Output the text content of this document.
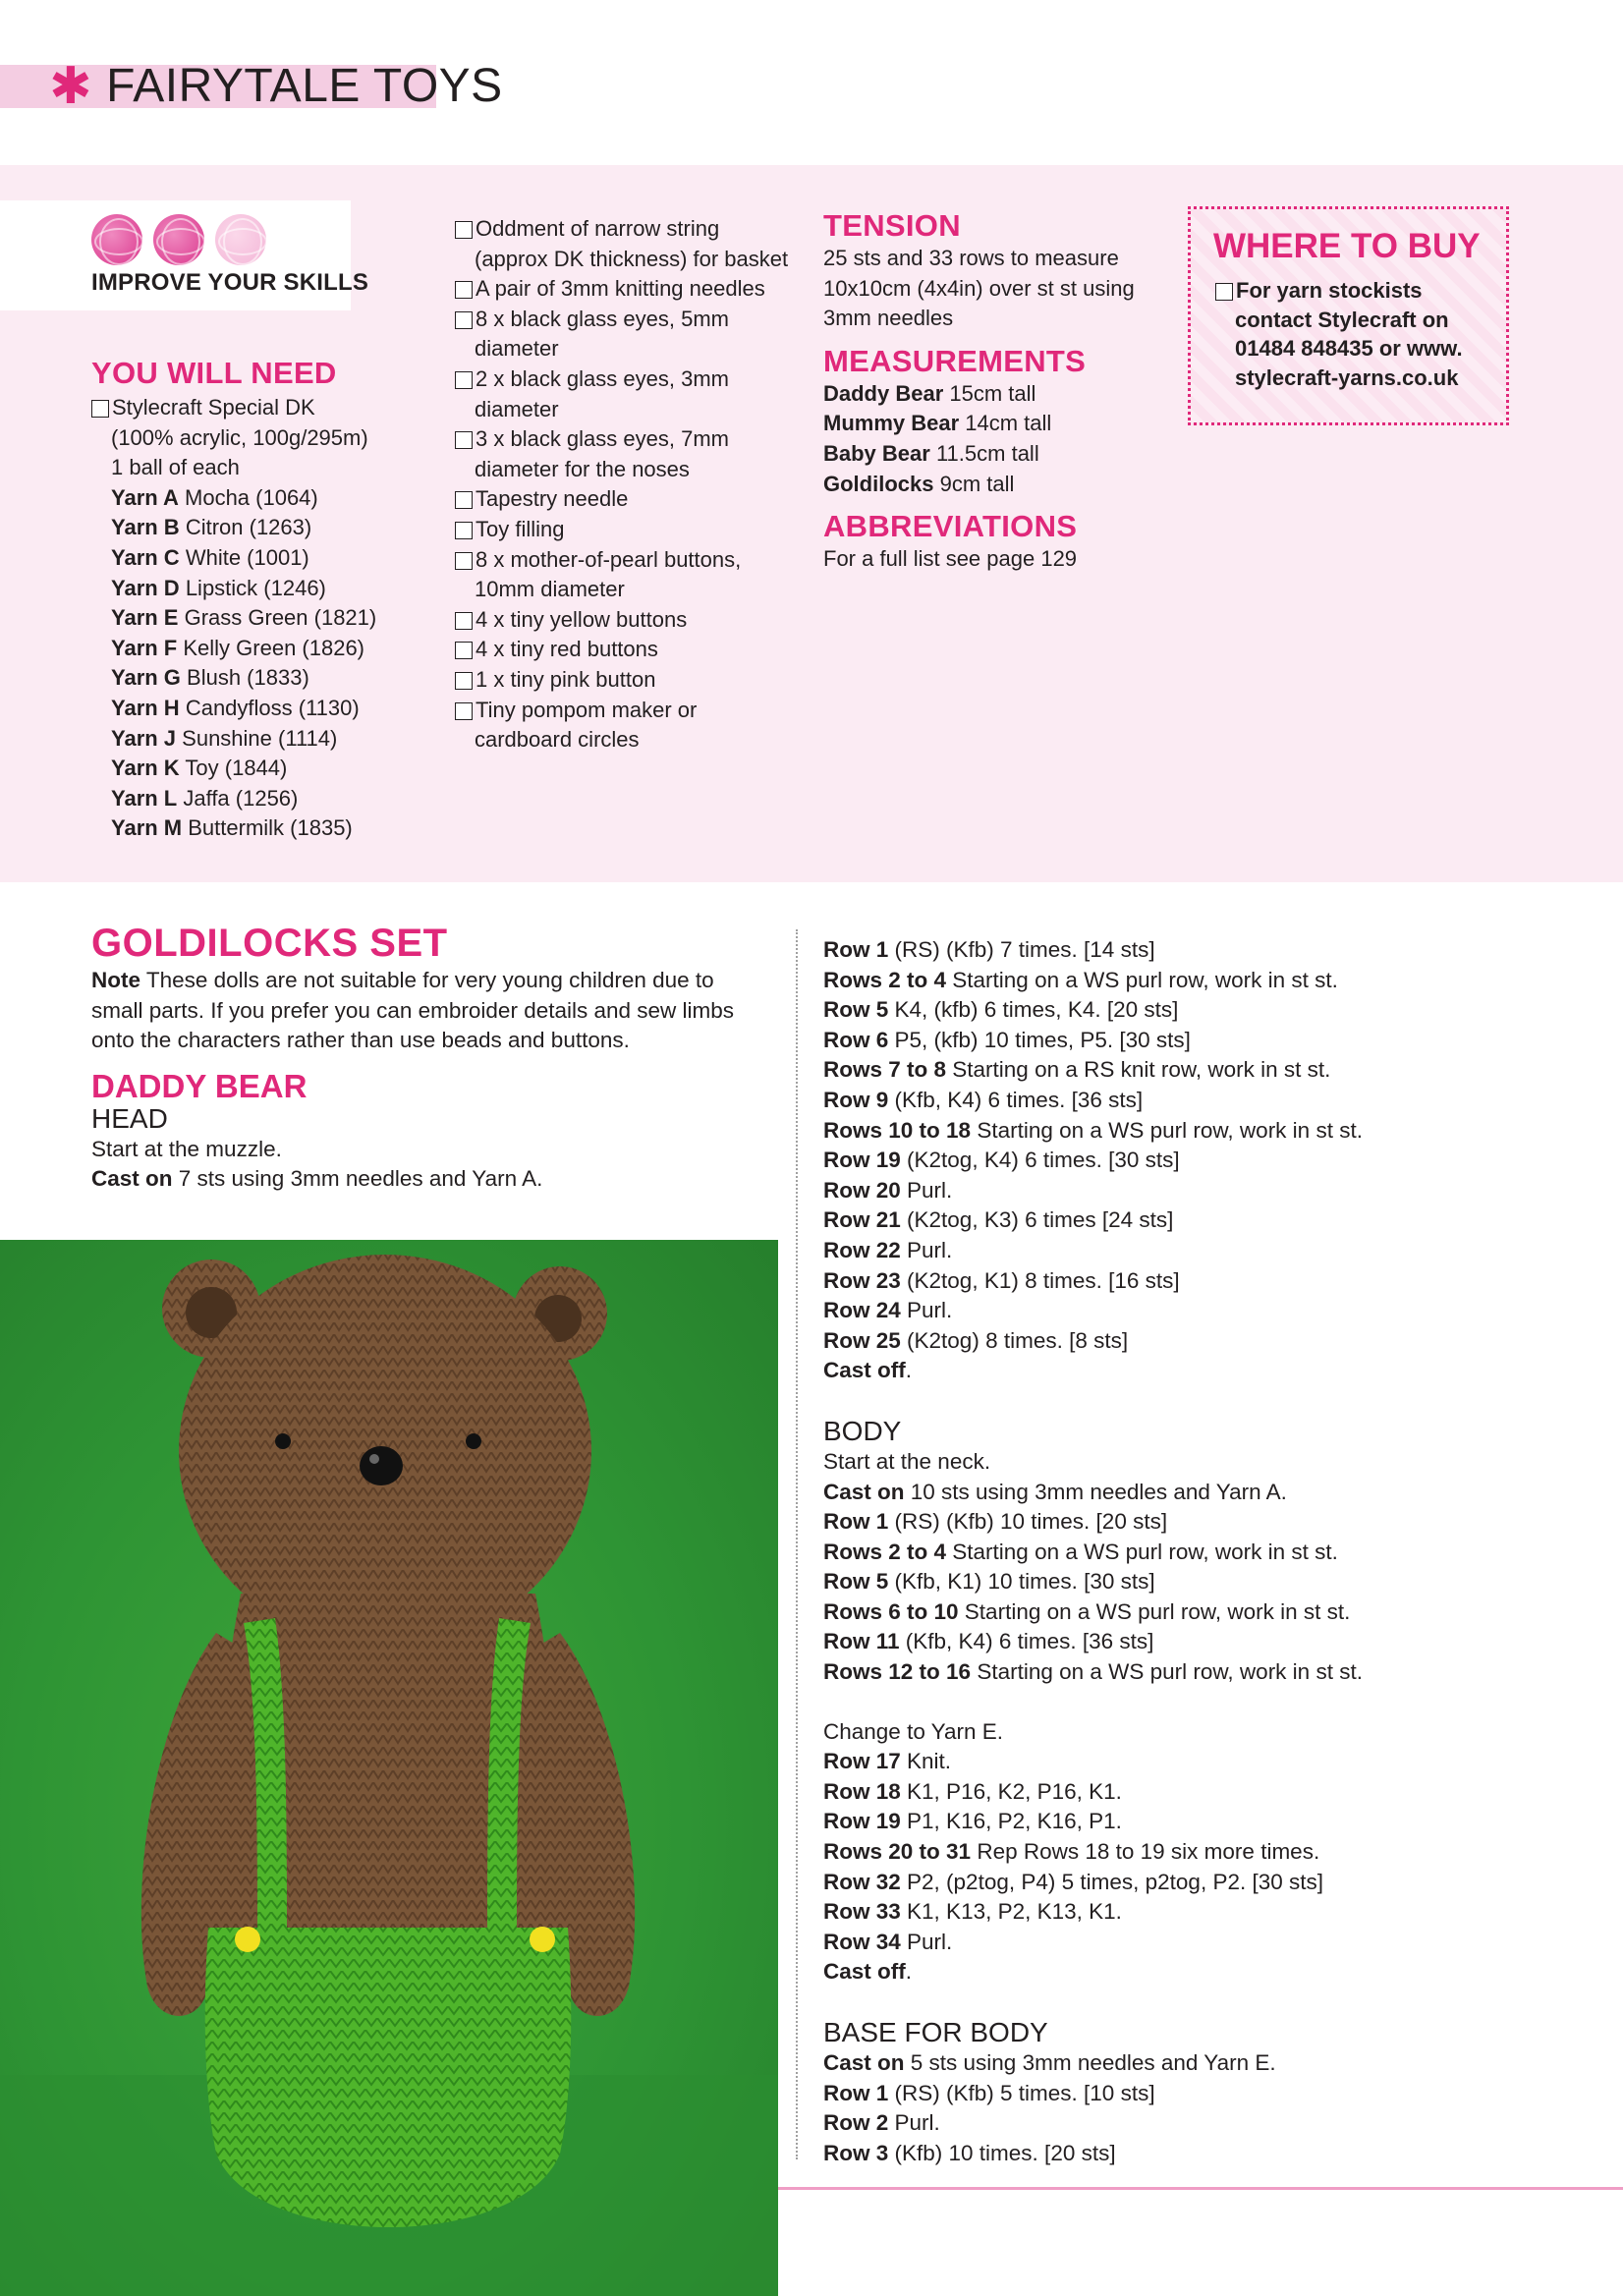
✱ FAIRYTALE TOYS
IMPROVE YOUR SKILLS
YOU WILL NEED
Stylecraft Special DK
(100% acrylic, 100g/295m)
1 ball of each
Yarn A Mocha (1064)
Yarn B Citron (1263)
Yarn C White (1001)
Yarn D Lipstick (1246)
Yarn E Grass Green (1821)
Yarn F Kelly Green (1826)
Yarn G Blush (1833)
Yarn H Candyfloss (1130)
Yarn J Sunshine (1114)
Yarn K Toy (1844)
Yarn L Jaffa (1256)
Yarn M Buttermilk (1835)
Oddment of narrow string
(approx DK thickness) for basket
A pair of 3mm knitting needles
8 x black glass eyes, 5mm
diameter
2 x black glass eyes, 3mm
diameter
3 x black glass eyes, 7mm
diameter for the noses
Tapestry needle
Toy filling
8 x mother-of-pearl buttons,
10mm diameter
4 x tiny yellow buttons
4 x tiny red buttons
1 x tiny pink button
Tiny pompom maker or
cardboard circles
TENSION
25 sts and 33 rows to measure
10x10cm (4x4in) over st st using
3mm needles
MEASUREMENTS
Daddy Bear 15cm tall
Mummy Bear 14cm tall
Baby Bear 11.5cm tall
Goldilocks 9cm tall
ABBREVIATIONS
For a full list see page 129
WHERE TO BUY
For yarn stockists
contact Stylecraft on
01484 848435 or www.
stylecraft-yarns.co.uk
GOLDILOCKS SET
Note These dolls are not suitable for very young children due to
small parts. If you prefer you can embroider details and sew limbs
onto the characters rather than use beads and buttons.
DADDY BEAR
HEAD
Start at the muzzle.
Cast on 7 sts using 3mm needles and Yarn A.
Row 1 (RS) (Kfb) 7 times. [14 sts]
Rows 2 to 4 Starting on a WS purl row, work in st st.
Row 5 K4, (kfb) 6 times, K4. [20 sts]
Row 6 P5, (kfb) 10 times, P5. [30 sts]
Rows 7 to 8 Starting on a RS knit row, work in st st.
Row 9 (Kfb, K4) 6 times. [36 sts]
Rows 10 to 18 Starting on a WS purl row, work in st st.
Row 19 (K2tog, K4) 6 times. [30 sts]
Row 20 Purl.
Row 21 (K2tog, K3) 6 times [24 sts]
Row 22 Purl.
Row 23 (K2tog, K1) 8 times. [16 sts]
Row 24 Purl.
Row 25 (K2tog) 8 times. [8 sts]
Cast off.
BODY
Start at the neck.
Cast on 10 sts using 3mm needles and Yarn A.
Row 1 (RS) (Kfb) 10 times. [20 sts]
Rows 2 to 4 Starting on a WS purl row, work in st st.
Row 5 (Kfb, K1) 10 times. [30 sts]
Rows 6 to 10 Starting on a WS purl row, work in st st.
Row 11 (Kfb, K4) 6 times. [36 sts]
Rows 12 to 16 Starting on a WS purl row, work in st st.
Change to Yarn E.
Row 17 Knit.
Row 18 K1, P16, K2, P16, K1.
Row 19 P1, K16, P2, K16, P1.
Rows 20 to 31 Rep Rows 18 to 19 six more times.
Row 32 P2, (p2tog, P4) 5 times, p2tog, P2. [30 sts]
Row 33 K1, K13, P2, K13, K1.
Row 34 Purl.
Cast off.
BASE FOR BODY
Cast on 5 sts using 3mm needles and Yarn E.
Row 1 (RS) (Kfb) 5 times. [10 sts]
Row 2 Purl.
Row 3 (Kfb) 10 times. [20 sts]
